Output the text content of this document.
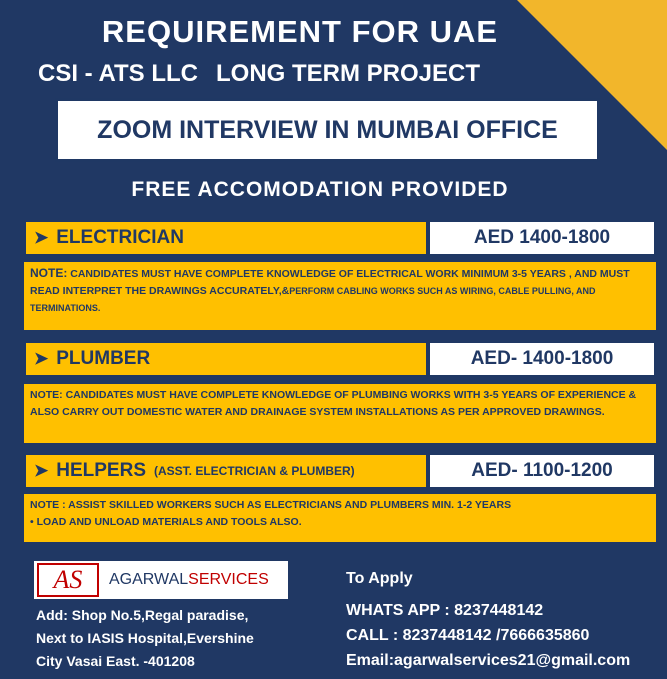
REQUIREMENT FOR UAE
CSI - ATS LLC LONG TERM PROJECT
ZOOM INTERVIEW IN MUMBAI OFFICE
FREE ACCOMODATION PROVIDED
➤ ELECTRICIAN	AED 1400-1800
NOTE: CANDIDATES MUST HAVE COMPLETE KNOWLEDGE OF ELECTRICAL WORK MINIMUM 3-5 YEARS , AND MUST READ INTERPRET THE DRAWINGS ACCURATELY,&PERFORM CABLING WORKS SUCH AS WIRING, CABLE PULLING, AND TERMINATIONS.
➤ PLUMBER	AED- 1400-1800
NOTE: CANDIDATES MUST HAVE COMPLETE KNOWLEDGE OF PLUMBING WORKS WITH 3-5 YEARS OF EXPERIENCE & ALSO CARRY OUT DOMESTIC WATER AND DRAINAGE SYSTEM INSTALLATIONS AS PER APPROVED DRAWINGS.
➤ HELPERS (ASST. ELECTRICIAN & PLUMBER)	AED- 1100-1200
NOTE : ASSIST SKILLED WORKERS SUCH AS ELECTRICIANS AND PLUMBERS MIN. 1-2 YEARS
• LOAD AND UNLOAD MATERIALS AND TOOLS ALSO.
AS	AGARWALSERVICES
Add: Shop No.5,Regal paradise,
Next to IASIS Hospital,Evershine
City Vasai East. -401208
To Apply
WHATS APP : 8237448142
CALL : 8237448142 /7666635860
Email:agarwalservices21@gmail.com
